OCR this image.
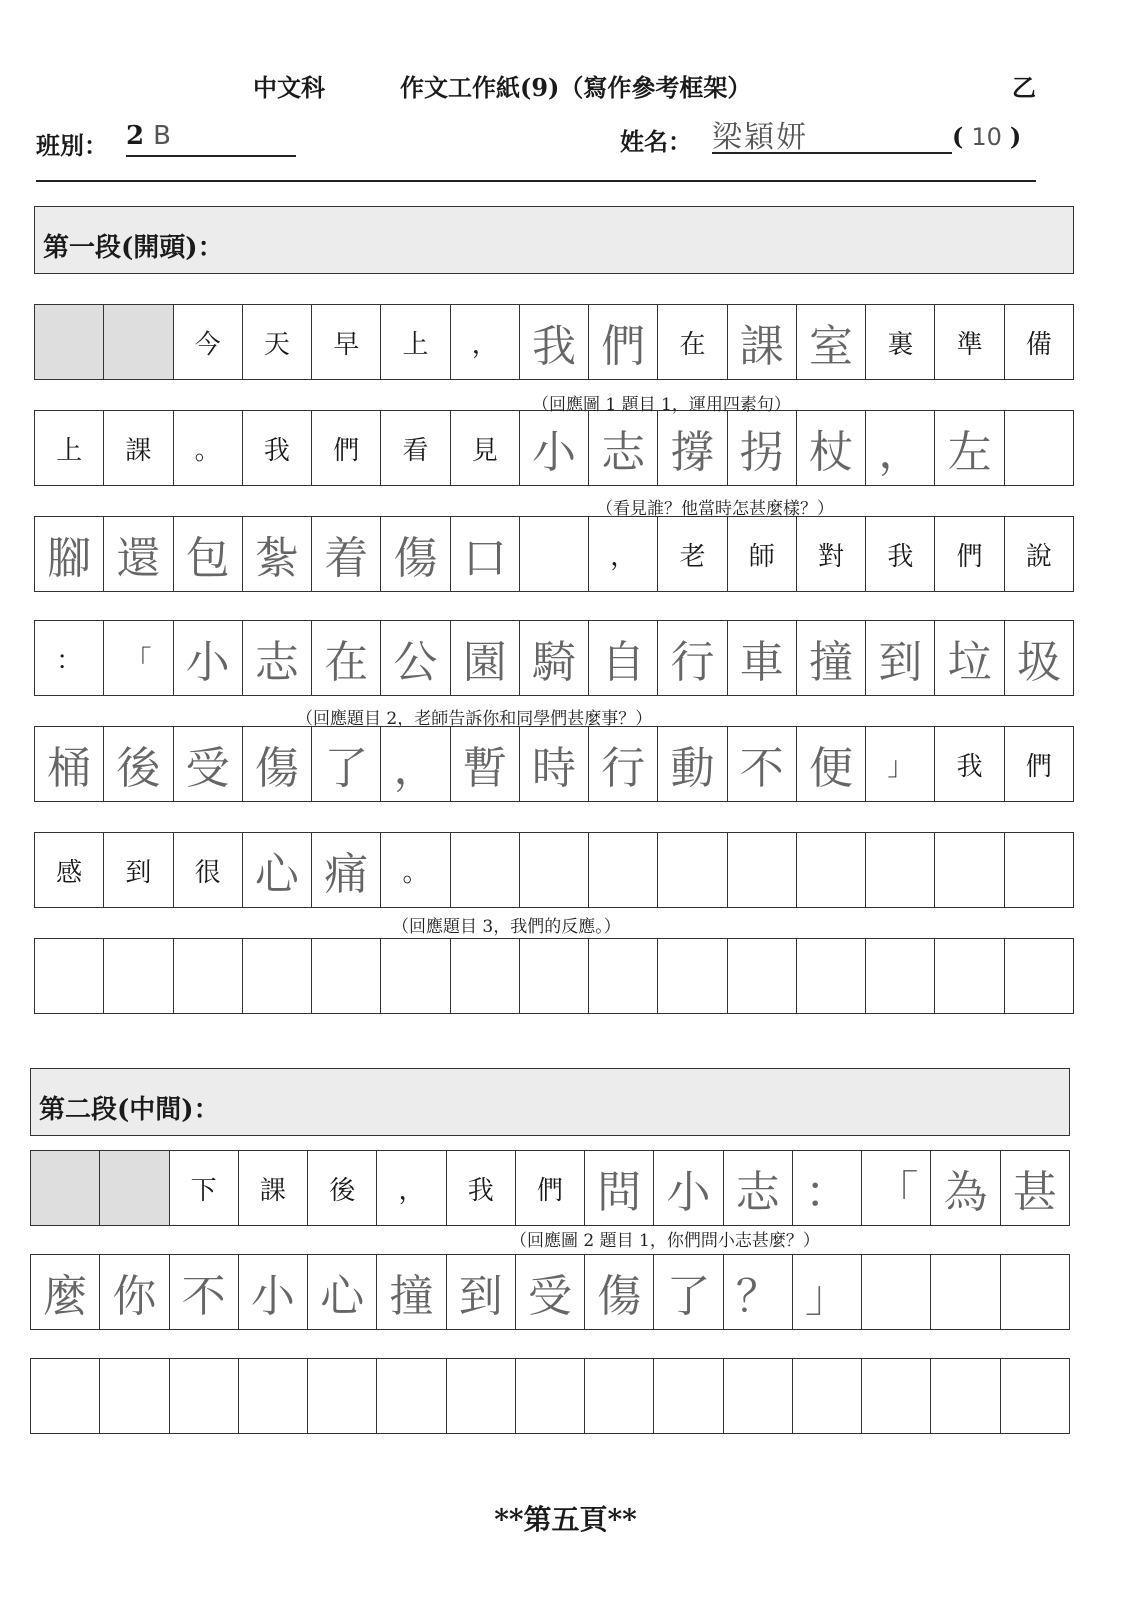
中文科	作文工作紙(9)（寫作參考框架）	乙
班別： 2 B	姓名： 梁穎妍	( 10 )
第一段(開頭)：
第二段(中間)：
今	天	早	上	， 我 們	在 課 室	裏	準	備
上	課	。	我	們	看	見 小 志 撐 拐 杖 ， 左
腳 還 包 紮 着 傷 口	，	老	師	對	我	們	說
：	「 小 志 在 公 園 騎 自 行 車 撞 到 垃 圾
桶 後 受 傷 了 ， 暫 時 行 動 不 便	」	我	們
感	到	很 心 痛	。
下	課	後	，	我	們 問 小 志 ： 「 為 甚
麼 你 不 小 心 撞 到 受 傷 了 ？ 」
（回應圖 1 題目 1，運用四素句）
（看見誰？他當時怎甚麼樣？）
（回應題目 2，老師告訴你和同學們甚麼事？）
（回應題目 3，我們的反應。）
（回應圖 2 題目 1，你們問小志甚麼？）
**第五頁**
